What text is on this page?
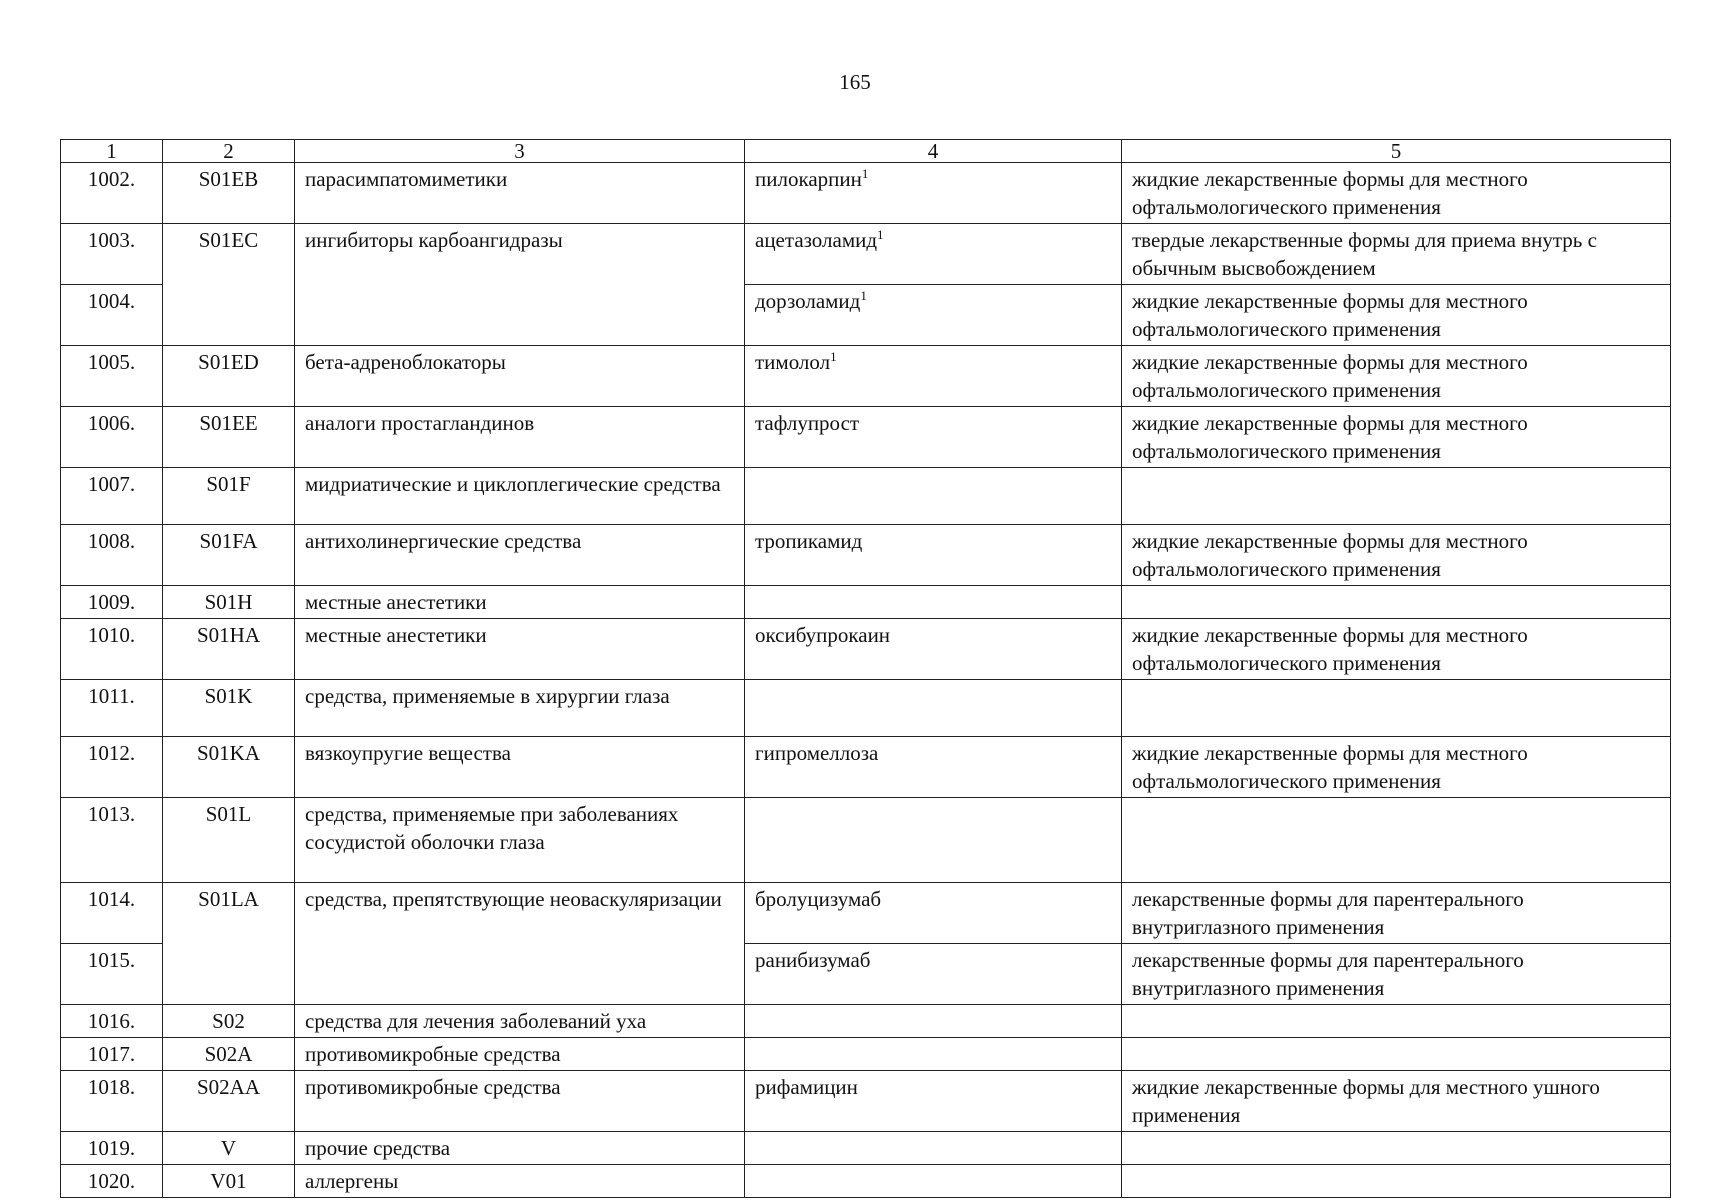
165
1	2	3	4	5
1002.	S01EB	парасимпатомиметики	пилокарпин$^1$	жидкие лекарственные формы для местного офтальмологического применения
1003.	S01EC	ингибиторы карбоангидразы	ацетазоламид$^1$	твердые лекарственные формы для приема внутрь с обычным высвобождением
1004.			дорзоламид$^1$	жидкие лекарственные формы для местного офтальмологического применения
1005.	S01ED	бета-адреноблокаторы	тимолол$^1$	жидкие лекарственные формы для местного офтальмологического применения
1006.	S01EE	аналоги простагландинов	тафлупрост	жидкие лекарственные формы для местного офтальмологического применения
1007.	S01F	мидриатические и циклоплегические средства		
1008.	S01FA	антихолинергические средства	тропикамид	жидкие лекарственные формы для местного офтальмологического применения
1009.	S01H	местные анестетики		
1010.	S01HA	местные анестетики	оксибупрокаин	жидкие лекарственные формы для местного офтальмологического применения
1011.	S01K	средства, применяемые в хирургии глаза		
1012.	S01KA	вязкоупругие вещества	гипромеллоза	жидкие лекарственные формы для местного офтальмологического применения
1013.	S01L	средства, применяемые при заболеваниях сосудистой оболочки глаза		
1014.	S01LA	средства, препятствующие неоваскуляризации	бролуцизумаб	лекарственные формы для парентерального внутриглазного применения
1015.			ранибизумаб	лекарственные формы для парентерального внутриглазного применения
1016.	S02	средства для лечения заболеваний уха		
1017.	S02A	противомикробные средства		
1018.	S02AA	противомикробные средства	рифамицин	жидкие лекарственные формы для местного ушного применения
1019.	V	прочие средства		
1020.	V01	аллергены		
